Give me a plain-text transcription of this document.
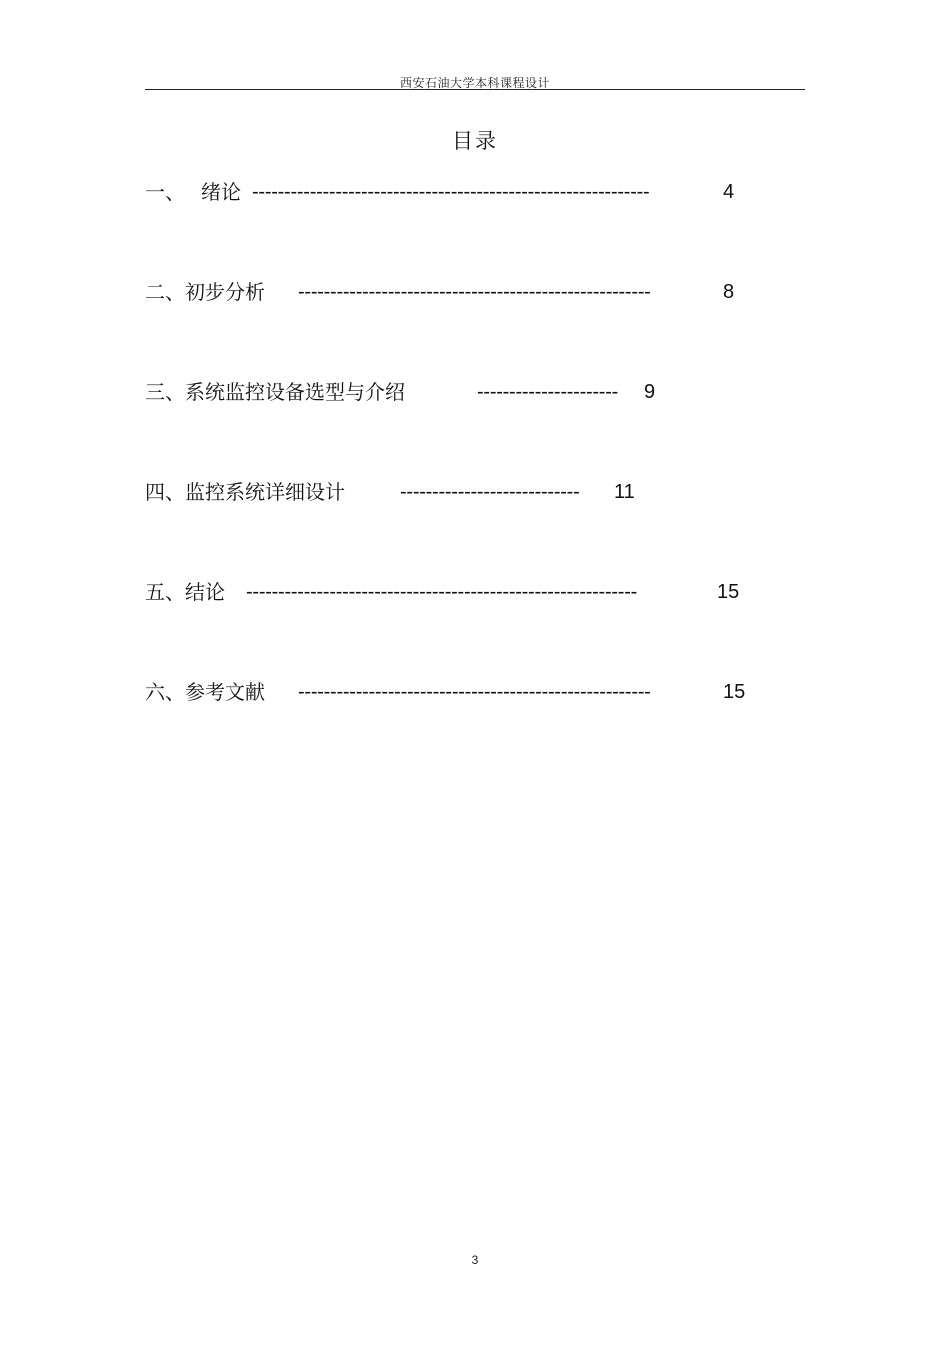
西安石油大学本科课程设计
目录
一、 绪论 --------------------------------------------------------------	4
二、初步分析 -------------------------------------------------------	8
三、系统监控设备选型与介绍	----------------------	9
四、监控系统详细设计	----------------------------	11
五、结论 -------------------------------------------------------------	15
六、参考文献 -------------------------------------------------------	15
3
